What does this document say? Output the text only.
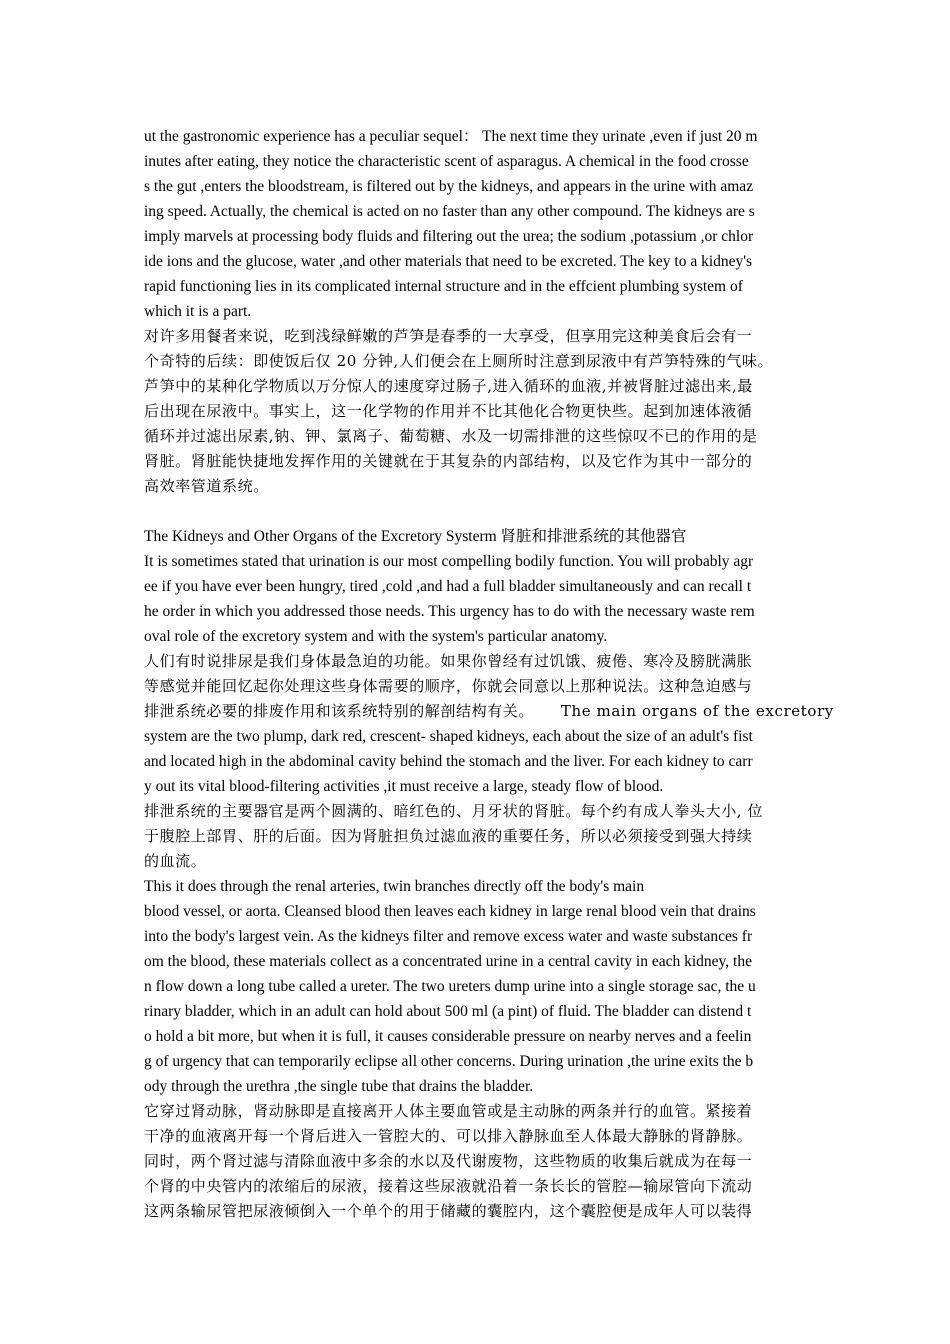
ut the gastronomic experience has a peculiar sequel： The next time they urinate ,even if just 20 m
inutes after eating, they notice the characteristic scent of asparagus. A chemical in the food crosse
s the gut ,enters the bloodstream, is filtered out by the kidneys, and appears in the urine with amaz
ing speed. Actually, the chemical is acted on no faster than any other compound. The kidneys are s
imply marvels at processing body fluids and filtering out the urea; the sodium ,potassium ,or chlor
ide ions and the glucose, water ,and other materials that need to be excreted. The key to a kidney's
rapid functioning lies in its complicated internal structure and in the effcient plumbing system of
which it is a part.
对许多用餐者来说，吃到浅绿鲜嫩的芦笋是春季的一大享受，但享用完这种美食后会有一
个奇特的后续：即使饭后仅 20 分钟,人们便会在上厕所时注意到尿液中有芦笋特殊的气味。
芦笋中的某种化学物质以万分惊人的速度穿过肠子,进入循环的血液,并被肾脏过滤出来,最
后出现在尿液中。事实上，这一化学物的作用并不比其他化合物更快些。起到加速体液循
循环并过滤出尿素,钠、钾、氯离子、葡萄糖、水及一切需排泄的这些惊叹不已的作用的是
肾脏。肾脏能快捷地发挥作用的关键就在于其复杂的内部结构，以及它作为其中一部分的
高效率管道系统。
The Kidneys and Other Organs of the Excretory Systerm 肾脏和排泄系统的其他器官
It is sometimes stated that urination is our most compelling bodily function. You will probably agr
ee if you have ever been hungry, tired ,cold ,and had a full bladder simultaneously and can recall t
he order in which you addressed those needs. This urgency has to do with the necessary waste rem
oval role of the excretory system and with the system's particular anatomy.
人们有时说排尿是我们身体最急迫的功能。如果你曾经有过饥饿、疲倦、寒冷及膀胱满胀
等感觉并能回忆起你处理这些身体需要的顺序，你就会同意以上那种说法。这种急迫感与
排泄系统必要的排废作用和该系统特别的解剖结构有关。     The main organs of the excretory
system are the two plump, dark red, crescent- shaped kidneys, each about the size of an adult's fist
and located high in the abdominal cavity behind the stomach and the liver. For each kidney to carr
y out its vital blood-filtering activities ,it must receive a large, steady flow of blood.
排泄系统的主要器官是两个圆满的、暗红色的、月牙状的肾脏。每个约有成人拳头大小, 位
于腹腔上部胃、肝的后面。因为肾脏担负过滤血液的重要任务，所以必须接受到强大持续
的血流。
This it does through the renal arteries, twin branches directly off the body's main
blood vessel, or aorta. Cleansed blood then leaves each kidney in large renal blood vein that drains
into the body's largest vein. As the kidneys filter and remove excess water and waste substances fr
om the blood, these materials collect as a concentrated urine in a central cavity in each kidney, the
n flow down a long tube called a ureter. The two ureters dump urine into a single storage sac, the u
rinary bladder, which in an adult can hold about 500 ml (a pint) of fluid. The bladder can distend t
o hold a bit more, but when it is full, it causes considerable pressure on nearby nerves and a feelin
g of urgency that can temporarily eclipse all other concerns. During urination ,the urine exits the b
ody through the urethra ,the single tube that drains the bladder.
它穿过肾动脉，肾动脉即是直接离开人体主要血管或是主动脉的两条并行的血管。紧接着
干净的血液离开每一个肾后进入一管腔大的、可以排入静脉血至人体最大静脉的肾静脉。
同时，两个肾过滤与清除血液中多余的水以及代谢废物，这些物质的收集后就成为在每一
个肾的中央管内的浓缩后的尿液，接着这些尿液就沿着一条长长的管腔—输尿管向下流动
这两条输尿管把尿液倾倒入一个单个的用于储藏的囊腔内，这个囊腔便是成年人可以装得
